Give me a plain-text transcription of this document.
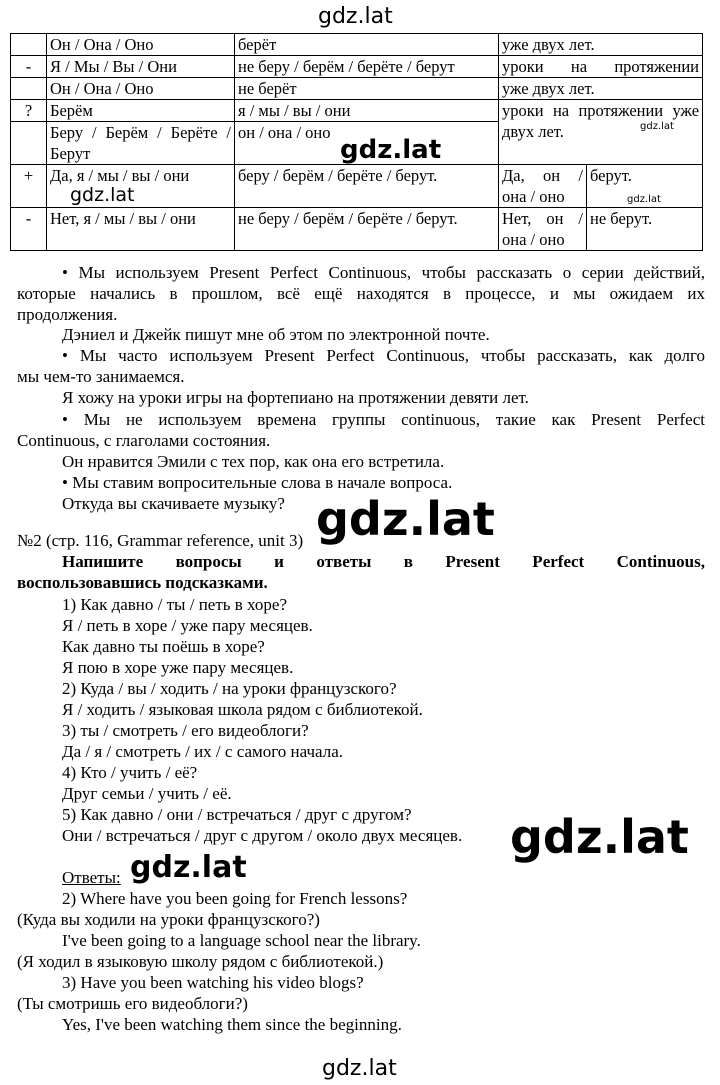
gdz.lat
	Он / Она / Оно	берёт	уже двух лет.	
-	Я / Мы / Вы / Они	не беру / берём / берёте / берут	уроки на протяжении	
	Он / Она / Оно	не берёт	уже двух лет.	
?	Берём	я / мы / вы / они	уроки на протяжении уже двух лет.	
	Беру / Берём / Берёте / Берут	он / она / оно		
+	Да, я / мы / вы / они	беру / берём / берёте / берут.	Да, он / она / оно	берут.
-	Нет, я / мы / вы / они	не беру / берём / берёте / берут.	Нет, он / она / оно	не берут.
gdz.lat
gdz.lat
gdz.lat	gdz.lat
• Мы используем Present Perfect Continuous, чтобы рассказать о серии действий,
которые начались в прошлом, всё ещё находятся в процессе, и мы ожидаем их
продолжения.
Дэниел и Джейк пишут мне об этом по электронной почте.
• Мы часто используем Present Perfect Continuous, чтобы рассказать, как долго
мы чем-то занимаемся.
Я хожу на уроки игры на фортепиано на протяжении девяти лет.
• Мы не используем времена группы continuous, такие как Present Perfect
Continuous, с глаголами состояния.
Он нравится Эмили с тех пор, как она его встретила.
• Мы ставим вопросительные слова в начале вопроса.
Откуда вы скачиваете музыку?
№2 (стр. 116, Grammar reference, unit 3) gdz.lat
Напишите вопросы и ответы в Present Perfect Continuous,
воспользовавшись подсказками.
1) Как давно / ты / петь в хоре?
Я / петь в хоре / уже пару месяцев.
Как давно ты поёшь в хоре?
Я пою в хоре уже пару месяцев.
2) Куда / вы / ходить / на уроки французского?
Я / ходить / языковая школа рядом с библиотекой.
3) ты / смотреть / его видеоблоги?
Да / я / смотреть / их / с самого начала.
4) Кто / учить / её?
Друг семьи / учить / её.
5) Как давно / они / встречаться / друг с другом?
Они / встречаться / друг с другом / около двух месяцев. gdz.lat
Ответы: gdz.lat
2) Where have you been going for French lessons?
(Куда вы ходили на уроки французского?)
I've been going to a language school near the library.
(Я ходил в языковую школу рядом с библиотекой.)
3) Have you been watching his video blogs?
(Ты смотришь его видеоблоги?)
Yes, I've been watching them since the beginning.
gdz.lat
